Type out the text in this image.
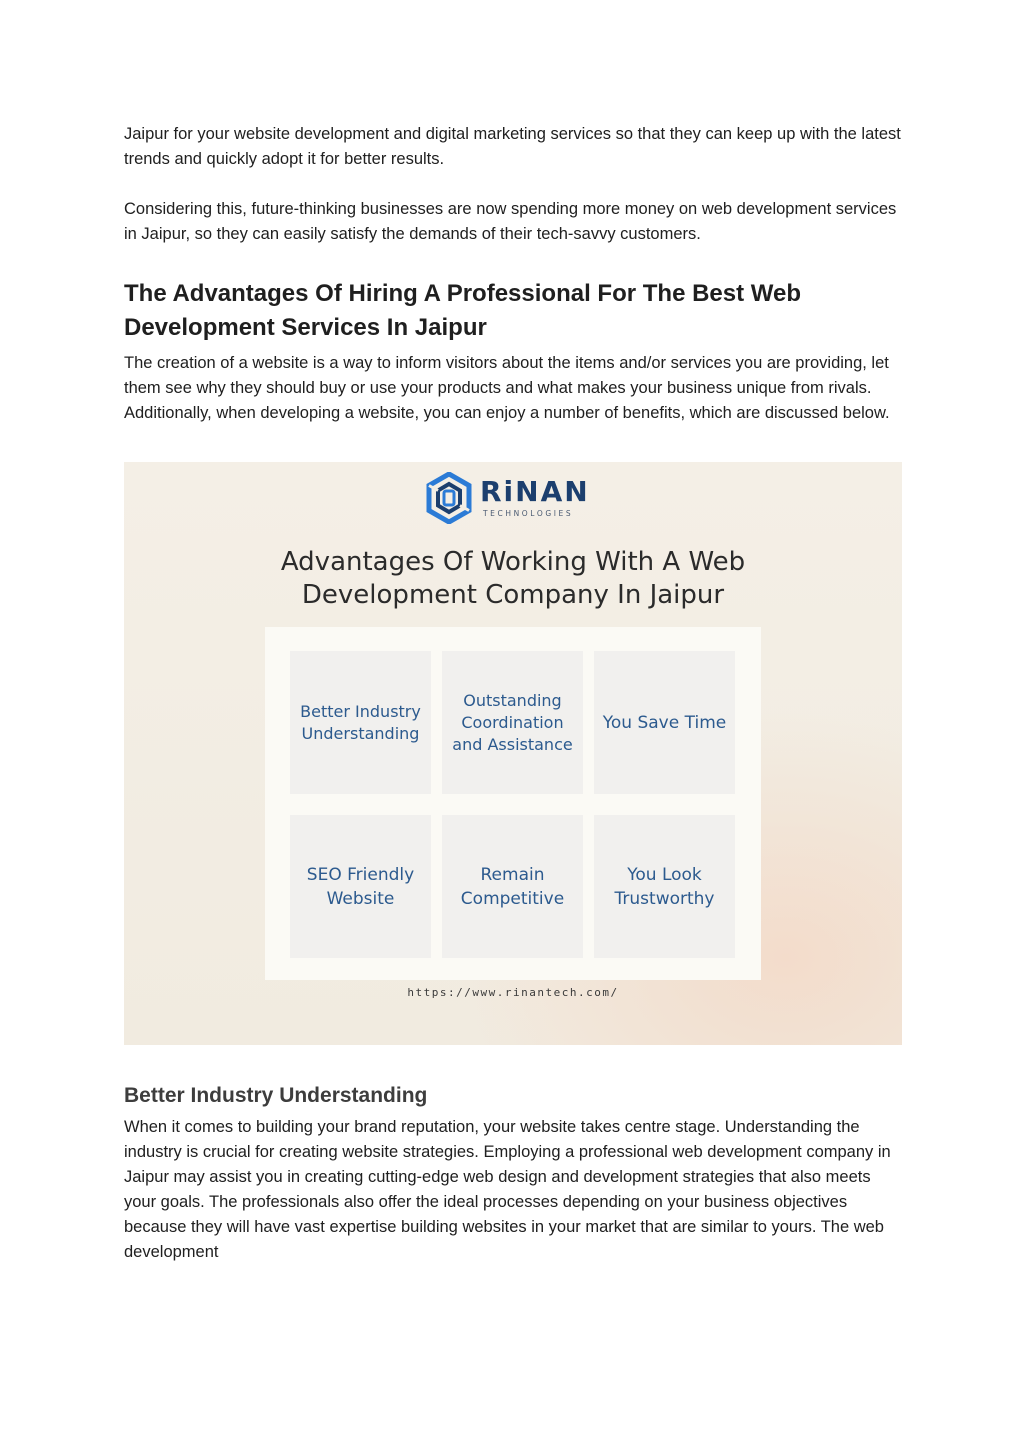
Jaipur for your website development and digital marketing services so that they can keep up with the latest trends and quickly adopt it for better results.

Considering this, future-thinking businesses are now spending more money on web development services in Jaipur, so they can easily satisfy the demands of their tech-savvy customers.

The Advantages Of Hiring A Professional For The Best Web
Development Services In Jaipur

The creation of a website is a way to inform visitors about the items and/or services you are providing, let them see why they should buy or use your products and what makes your business unique from rivals. Additionally, when developing a website, you can enjoy a number of benefits, which are discussed below.

RiNAN
TECHNOLOGIES
Advantages Of Working With A Web
Development Company In Jaipur
Better Industry
Understanding
Outstanding
Coordination
and Assistance
You Save Time
SEO Friendly
Website
Remain
Competitive
You Look
Trustworthy
https://www.rinantech.com/
Better Industry Understanding

When it comes to building your brand reputation, your website takes centre stage. Understanding the industry is crucial for creating website strategies. Employing a professional web development company in Jaipur may assist you in creating cutting-edge web design and development strategies that also meets your goals. The professionals also offer the ideal processes depending on your business objectives because they will have vast expertise building websites in your market that are similar to yours. The web development
